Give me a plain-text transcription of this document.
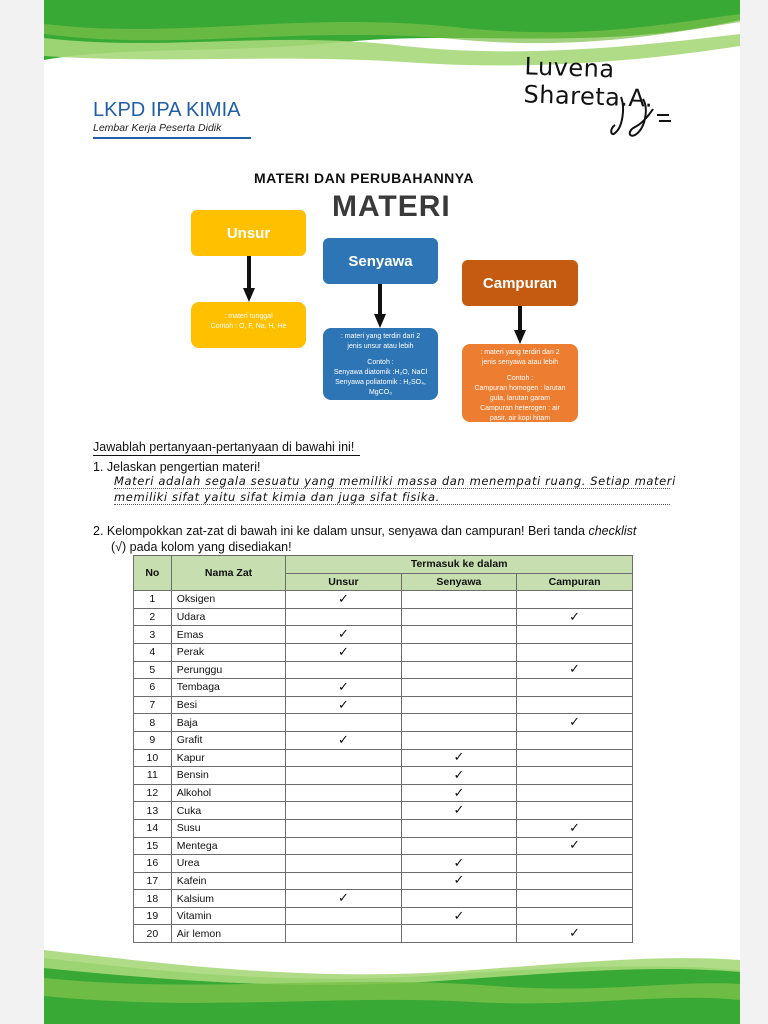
Luvena Shareta.A.
LKPD IPA KIMIA
Lembar Kerja Peserta Didik
MATERI DAN PERUBAHANNYA
MATERI
Unsur
: materi tunggal
Contoh : O, F, Na, H, He
Senyawa
: materi yang terdiri dari 2
jenis unsur atau lebih
Contoh :
Senyawa diatomik :H₂O, NaCl
Senyawa poliatomik : H₂SO₄,
MgCO₃
Campuran
: materi yang terdiri dari 2
jenis senyawa atau lebih
Contoh :
Campuran homogen : larutan
gula, larutan garam
Campuran heterogen : air
pasir, air kopi hitam
Jawablah pertanyaan-pertanyaan di bawahi ini!
1. Jelaskan pengertian materi!
Materi adalah segala sesuatu yang memiliki massa dan menempati ruang. Setiap materi
memiliki sifat yaitu sifat kimia dan juga sifat fisika.
2. Kelompokkan zat-zat di bawah ini ke dalam unsur, senyawa dan campuran! Beri tanda checklist
(√) pada kolom yang disediakan!
No	Nama Zat	Termasuk ke dalam		
		Unsur	Senyawa	Campuran
1	Oksigen	✓		
2	Udara			✓
3	Emas	✓		
4	Perak	✓		
5	Perunggu			✓
6	Tembaga	✓		
7	Besi	✓		
8	Baja			✓
9	Grafit	✓		
10	Kapur		✓	
11	Bensin		✓	
12	Alkohol		✓	
13	Cuka		✓	
14	Susu			✓
15	Mentega			✓
16	Urea		✓	
17	Kafein		✓	
18	Kalsium	✓		
19	Vitamin		✓	
20	Air lemon			✓
